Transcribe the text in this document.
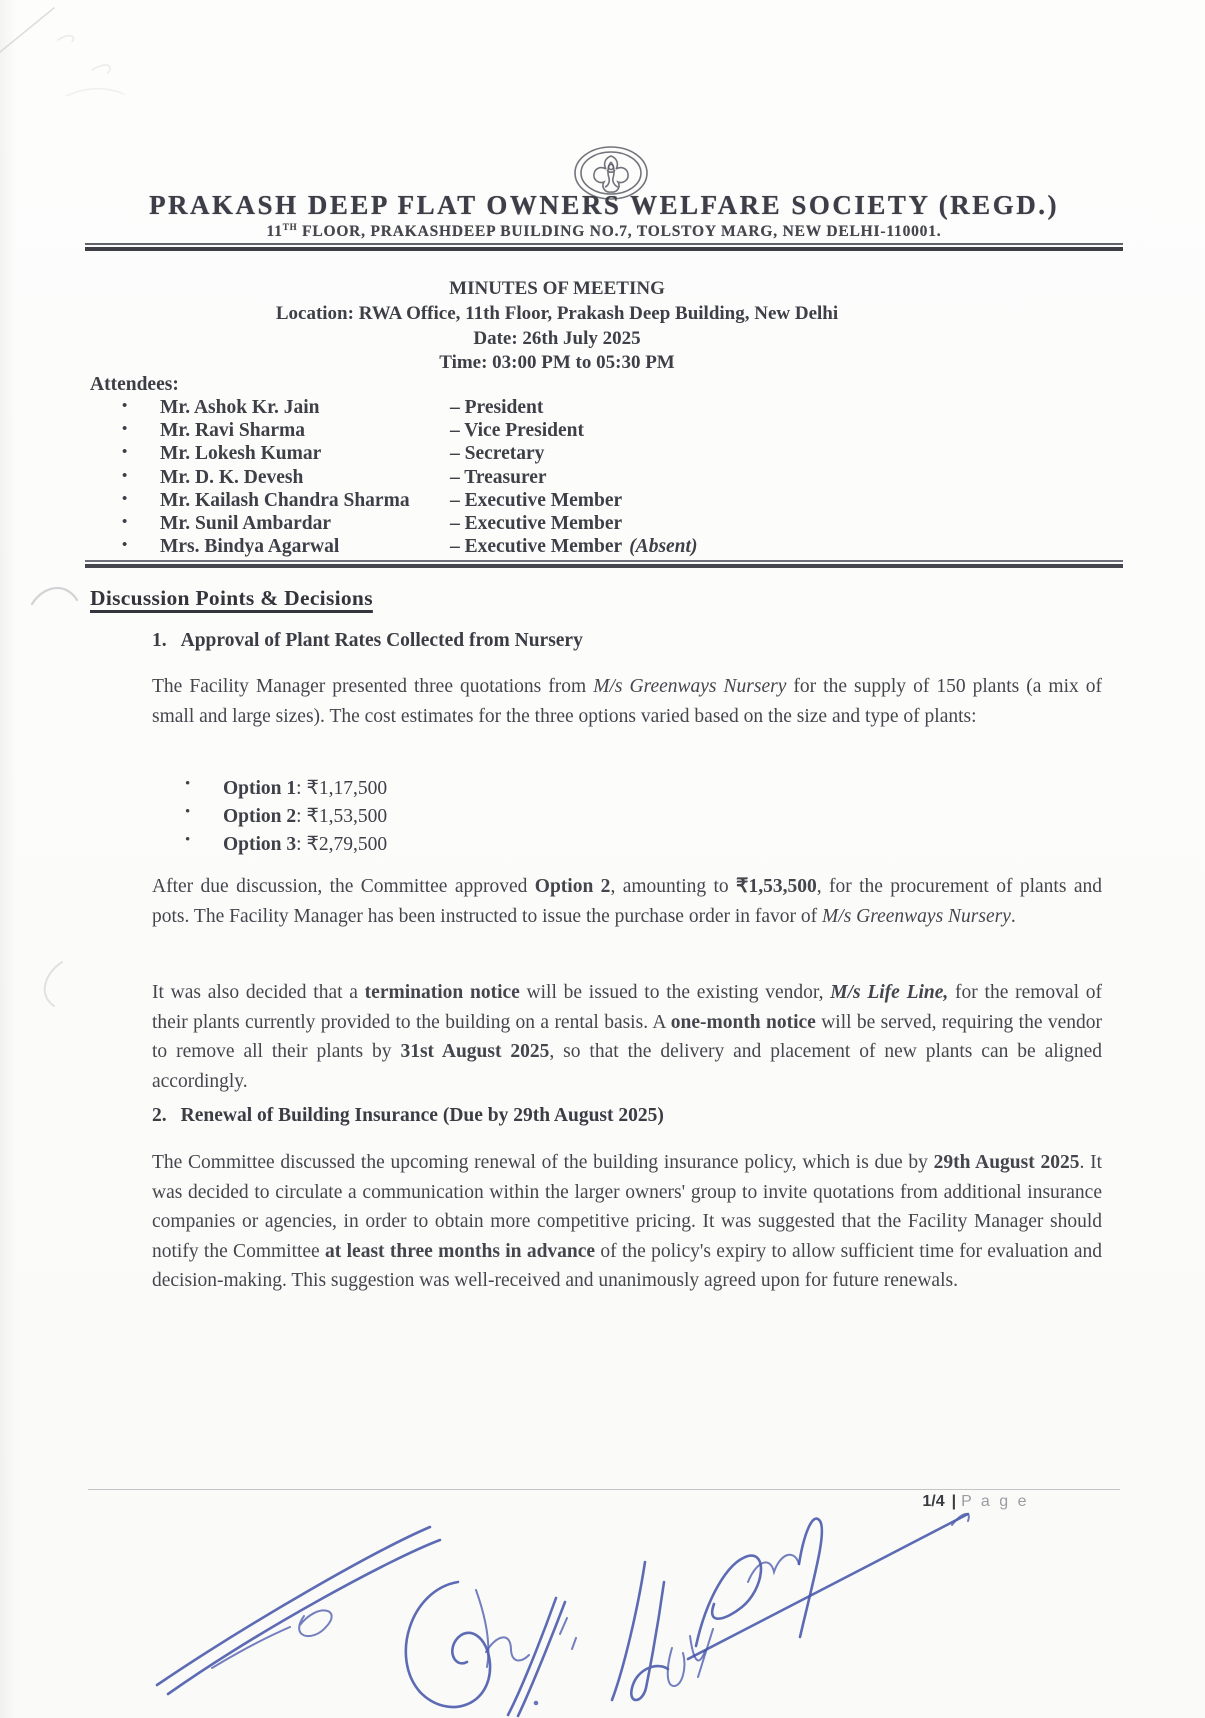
PRAKASH DEEP FLAT OWNERS WELFARE SOCIETY (REGD.)
11TH FLOOR, PRAKASHDEEP BUILDING NO.7, TOLSTOY MARG, NEW DELHI-110001.
MINUTES OF MEETING
Location: RWA Office, 11th Floor, Prakash Deep Building, New Delhi
Date: 26th July 2025
Time: 03:00 PM to 05:30 PM
Attendees:
• Mr. Ashok Kr. Jain	– President
• Mr. Ravi Sharma	– Vice President
• Mr. Lokesh Kumar	– Secretary
• Mr. D. K. Devesh	– Treasurer
• Mr. Kailash Chandra Sharma – Executive Member
• Mr. Sunil Ambardar	– Executive Member
• Mrs. Bindya Agarwal	– Executive Member (Absent)
Discussion Points & Decisions
1. Approval of Plant Rates Collected from Nursery
The Facility Manager presented three quotations from M/s Greenways Nursery for the supply of 150 plants (a mix of small and large sizes). The cost estimates for the three options varied based on the size and type of plants:
• Option 1: ₹1,17,500
• Option 2: ₹1,53,500
• Option 3: ₹2,79,500
After due discussion, the Committee approved Option 2, amounting to ₹1,53,500, for the procurement of plants and pots. The Facility Manager has been instructed to issue the purchase order in favor of M/s Greenways Nursery.
It was also decided that a termination notice will be issued to the existing vendor, M/s Life Line, for the removal of their plants currently provided to the building on a rental basis. A one-month notice will be served, requiring the vendor to remove all their plants by 31st August 2025, so that the delivery and placement of new plants can be aligned accordingly.
2. Renewal of Building Insurance (Due by 29th August 2025)
The Committee discussed the upcoming renewal of the building insurance policy, which is due by 29th August 2025. It was decided to circulate a communication within the larger owners' group to invite quotations from additional insurance companies or agencies, in order to obtain more competitive pricing. It was suggested that the Facility Manager should notify the Committee at least three months in advance of the policy's expiry to allow sufficient time for evaluation and decision-making. This suggestion was well-received and unanimously agreed upon for future renewals.
1/4 | P a g e
